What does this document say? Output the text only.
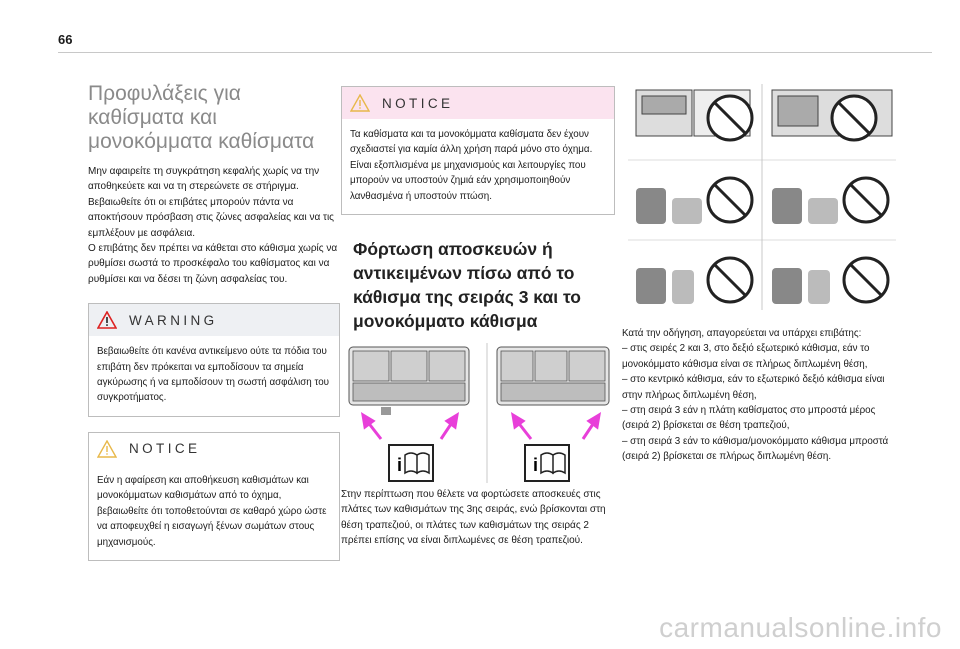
66
Προφυλάξεις για καθίσματα και μονοκόμματα καθίσματα

Μην αφαιρείτε τη συγκράτηση κεφαλής χωρίς να την αποθηκεύετε και να τη στερεώνετε σε στήριγμα.

Βεβαιωθείτε ότι οι επιβάτες μπορούν πάντα να αποκτήσουν πρόσβαση στις ζώνες ασφαλείας και να τις εμπλέξουν με ασφάλεια.

Ο επιβάτης δεν πρέπει να κάθεται στο κάθισμα χωρίς να ρυθμίσει σωστά το προσκέφαλο του καθίσματος και να ρυθμίσει και να δέσει τη ζώνη ασφαλείας του.

WARNING
Βεβαιωθείτε ότι κανένα αντικείμενο ούτε τα πόδια του επιβάτη δεν πρόκειται να εμποδίσουν τα σημεία αγκύρωσης ή να εμποδίσουν τη σωστή ασφάλιση του συγκροτήματος.
NOTICE
Εάν η αφαίρεση και αποθήκευση καθισμάτων και μονοκόμματων καθισμάτων από το όχημα, βεβαιωθείτε ότι τοποθετούνται σε καθαρό χώρο ώστε να αποφευχθεί η εισαγωγή ξένων σωμάτων στους μηχανισμούς.
NOTICE
Τα καθίσματα και τα μονοκόμματα καθίσματα δεν έχουν σχεδιαστεί για καμία άλλη χρήση παρά μόνο στο όχημα. Είναι εξοπλισμένα με μηχανισμούς και λειτουργίες που μπορούν να υποστούν ζημιά εάν χρησιμοποιηθούν λανθασμένα ή υποστούν πτώση.
Φόρτωση αποσκευών ή αντικειμένων πίσω από το κάθισμα της σειράς 3 και το μονοκόμματο κάθισμα
i	i
Στην περίπτωση που θέλετε να φορτώσετε αποσκευές στις πλάτες των καθισμάτων της 3ης σειράς, ενώ βρίσκονται στη θέση τραπεζιού, οι πλάτες των καθισμάτων της σειράς 2 πρέπει επίσης να είναι διπλωμένες σε θέση τραπεζιού.

Κατά την οδήγηση, απαγορεύεται να υπάρχει επιβάτης:

– στις σειρές 2 και 3, στο δεξιό εξωτερικό κάθισμα, εάν το μονοκόμματο κάθισμα είναι σε πλήρως διπλωμένη θέση,

– στο κεντρικό κάθισμα, εάν το εξωτερικό δεξιό κάθισμα είναι στην πλήρως διπλωμένη θέση,

– στη σειρά 3 εάν η πλάτη καθίσματος στο μπροστά μέρος (σειρά 2) βρίσκεται σε θέση τραπεζιού,

– στη σειρά 3 εάν το κάθισμα/μονοκόμματο κάθισμα μπροστά (σειρά 2) βρίσκεται σε πλήρως διπλωμένη θέση.

carmanualsonline.info
